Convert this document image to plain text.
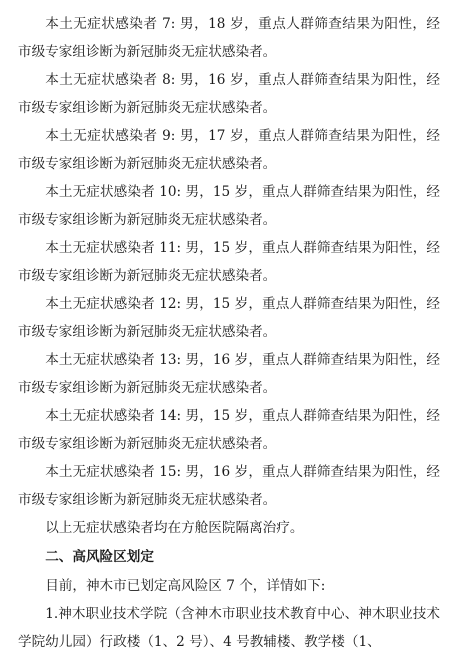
本土无症状感染者 7: 男，18 岁，重点人群筛查结果为阳性，经市级专家组诊断为新冠肺炎无症状感染者。

本土无症状感染者 8: 男，16 岁，重点人群筛查结果为阳性，经市级专家组诊断为新冠肺炎无症状感染者。

本土无症状感染者 9: 男，17 岁，重点人群筛查结果为阳性，经市级专家组诊断为新冠肺炎无症状感染者。

本土无症状感染者 10: 男，15 岁，重点人群筛查结果为阳性，经市级专家组诊断为新冠肺炎无症状感染者。

本土无症状感染者 11: 男，15 岁，重点人群筛查结果为阳性，经市级专家组诊断为新冠肺炎无症状感染者。

本土无症状感染者 12: 男，15 岁，重点人群筛查结果为阳性，经市级专家组诊断为新冠肺炎无症状感染者。

本土无症状感染者 13: 男，16 岁，重点人群筛查结果为阳性，经市级专家组诊断为新冠肺炎无症状感染者。

本土无症状感染者 14: 男，15 岁，重点人群筛查结果为阳性，经市级专家组诊断为新冠肺炎无症状感染者。

本土无症状感染者 15: 男，16 岁，重点人群筛查结果为阳性，经市级专家组诊断为新冠肺炎无症状感染者。

以上无症状感染者均在方舱医院隔离治疗。

二、高风险区划定

目前，神木市已划定高风险区 7 个，详情如下:

1.神木职业技术学院（含神木市职业技术教育中心、神木职业技术学院幼儿园）行政楼（1、2 号）、4 号教辅楼、教学楼（1、
